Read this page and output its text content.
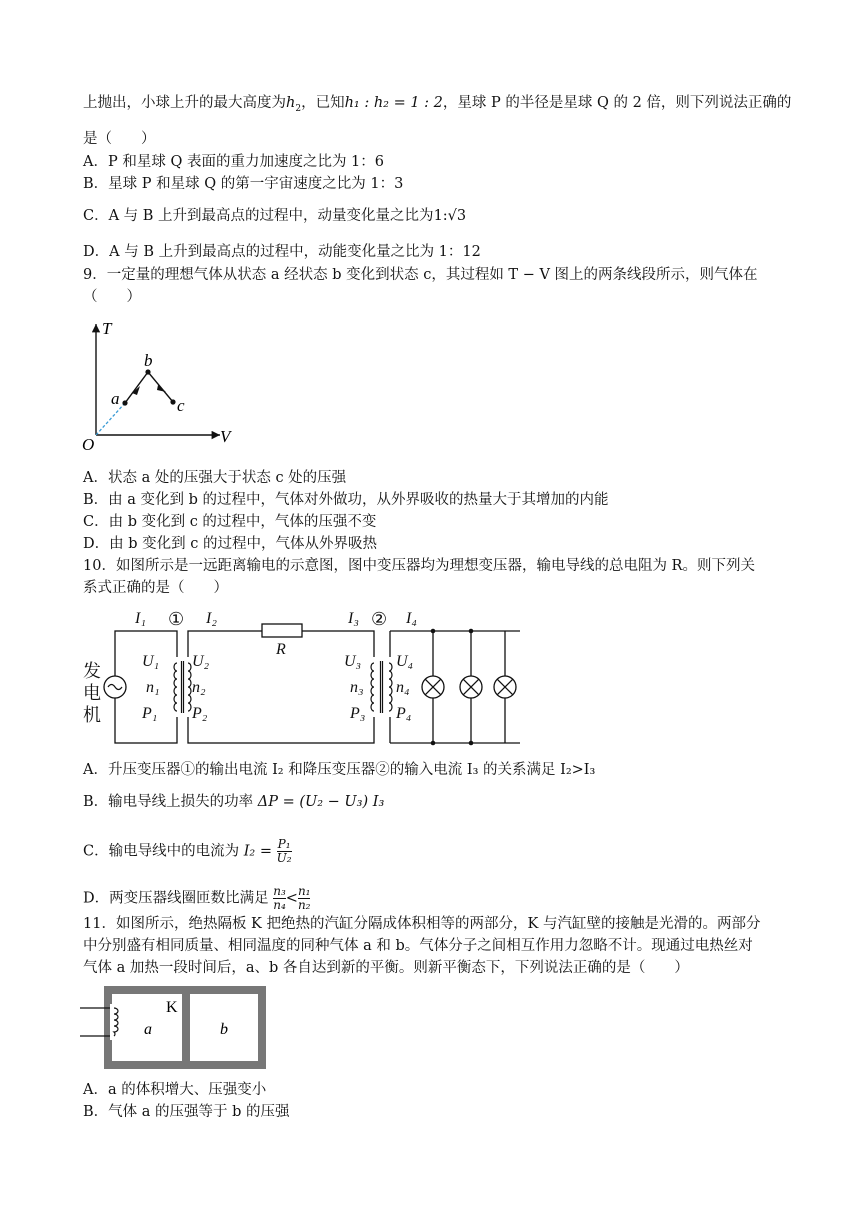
上抛出，小球上升的最大高度为$h_2$，已知h₁ : h₂ = 1 : 2，星球 P 的半径是星球 Q 的 2 倍，则下列说法正确的
是（　　）
A．P 和星球 Q 表面的重力加速度之比为 1：6
B．星球 P 和星球 Q 的第一宇宙速度之比为 1：3
C．A 与 B 上升到最高点的过程中，动量变化量之比为1:√3
D．A 与 B 上升到最高点的过程中，动能变化量之比为 1：12
9．一定量的理想气体从状态 a 经状态 b 变化到状态 c，其过程如 T − V 图上的两条线段所示，则气体在
（　　）
T
V
O
a
b
c
A．状态 a 处的压强大于状态 c 处的压强
B．由 a 变化到 b 的过程中，气体对外做功，从外界吸收的热量大于其增加的内能
C．由 b 变化到 c 的过程中，气体的压强不变
D．由 b 变化到 c 的过程中，气体从外界吸热
10．如图所示是一远距离输电的示意图，图中变压器均为理想变压器，输电导线的总电阻为 R。则下列关
系式正确的是（　　）
I₁	I₂	I₃	I₄
R
U₁
n₁
P₁
U₂
n₂
P₂
U₃
n₃
P₃
U₄
n₄
P₄
①	②
发
电
机
A．升压变压器①的输出电流 I₂ 和降压变压器②的输入电流 I₃ 的关系满足 I₂>I₃
B．输电导线上损失的功率 ΔP = (U₂ − U₃) I₃
C．输电导线中的电流为 $I_2 = \frac{\text{P₁}}{\text{U₂}}$
D．两变压器线圈匝数比满足 $\frac{\text{n₃}}{\text{n₄}} < \frac{\text{n₁}}{\text{n₂}}$
11．如图所示，绝热隔板 K 把绝热的汽缸分隔成体积相等的两部分，K 与汽缸壁的接触是光滑的。两部分
中分别盛有相同质量、相同温度的同种气体 a 和 b。气体分子之间相互作用力忽略不计。现通过电热丝对
气体 a 加热一段时间后，a、b 各自达到新的平衡。则新平衡态下，下列说法正确的是（　　）
a	b
K
A．a 的体积增大、压强变小
B．气体 a 的压强等于 b 的压强
